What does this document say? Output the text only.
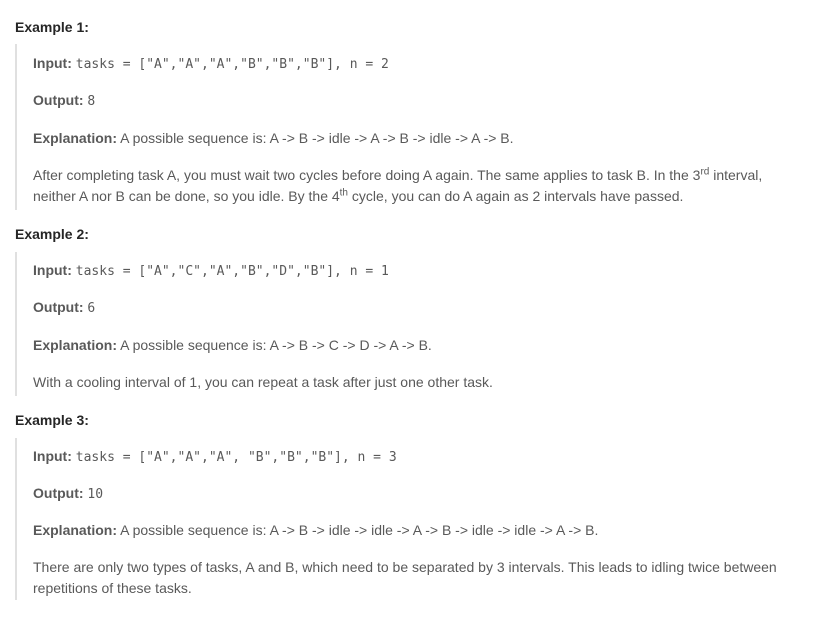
Example 1:
Input: tasks = ["A","A","A","B","B","B"], n = 2
Output: 8
Explanation: A possible sequence is: A -> B -> idle -> A -> B -> idle -> A -> B.
After completing task A, you must wait two cycles before doing A again. The same applies to task B. In the 3rd interval, neither A nor B can be done, so you idle. By the 4th cycle, you can do A again as 2 intervals have passed.
Example 2:
Input: tasks = ["A","C","A","B","D","B"], n = 1
Output: 6
Explanation: A possible sequence is: A -> B -> C -> D -> A -> B.
With a cooling interval of 1, you can repeat a task after just one other task.
Example 3:
Input: tasks = ["A","A","A", "B","B","B"], n = 3
Output: 10
Explanation: A possible sequence is: A -> B -> idle -> idle -> A -> B -> idle -> idle -> A -> B.
There are only two types of tasks, A and B, which need to be separated by 3 intervals. This leads to idling twice between repetitions of these tasks.
